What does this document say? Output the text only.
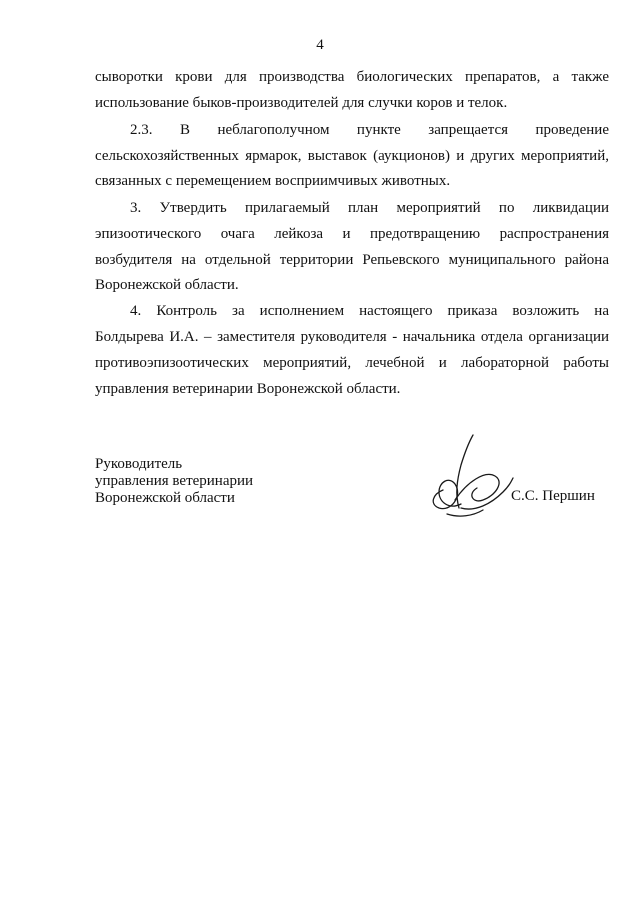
4
сыворотки крови для производства биологических препаратов, а также
использование быков-производителей для случки коров и телок.
2.3. В неблагополучном пункте запрещается проведение
сельскохозяйственных ярмарок, выставок (аукционов) и других мероприятий,
связанных с перемещением восприимчивых животных.
3. Утвердить прилагаемый план мероприятий по ликвидации
эпизоотического очага лейкоза и предотвращению распространения
возбудителя на отдельной территории Репьевского муниципального района
Воронежской области.
4. Контроль за исполнением настоящего приказа возложить на
Болдырева И.А. – заместителя руководителя - начальника отдела организации
противоэпизоотических мероприятий, лечебной и лабораторной работы
управления ветеринарии Воронежской области.
Руководитель
управления ветеринарии
Воронежской области	С.С. Першин
